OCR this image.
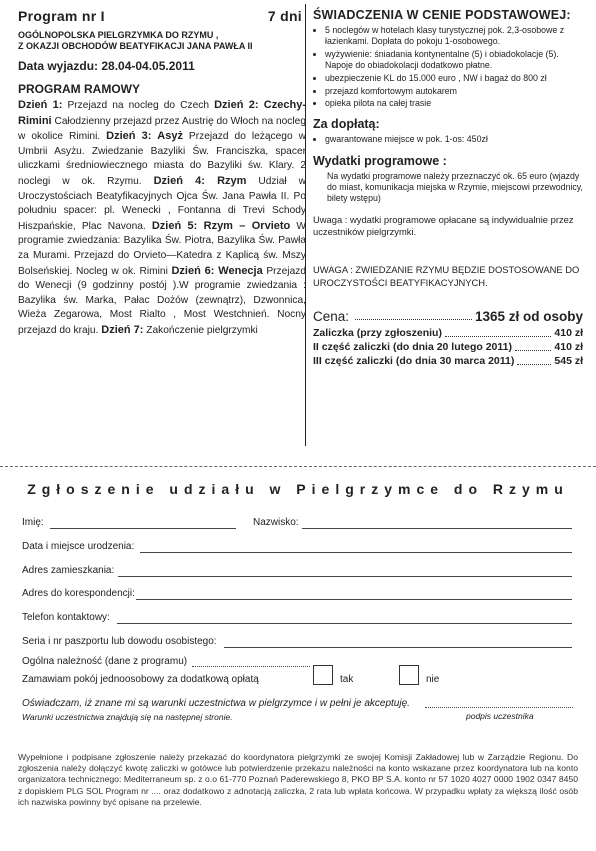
Program nr I	7 dni
OGÓLNOPOLSKA PIELGRZYMKA DO RZYMU ,
Z OKAZJI OBCHODÓW BEATYFIKACJI JANA PAWŁA II
Data wyjazdu: 28.04-04.05.2011
PROGRAM RAMOWY
Dzień 1: Przejazd na nocleg do Czech Dzień 2: Czechy-Rimini Całodzienny przejazd przez Austrię do Włoch na nocleg w okolice Rimini. Dzień 3: Asyż Przejazd do leżącego w Umbrii Asyżu. Zwiedzanie Bazyliki Św. Franciszka, spacer uliczkami średniowiecznego miasta do Bazyliki św. Klary. 2 noclegi w ok. Rzymu. Dzień 4: Rzym Udział w Uroczystościach Beatyfikacyjnych Ojca Św. Jana Pawła II. Po południu spacer: pl. Wenecki , Fontanna di Trevi Schody Hiszpańskie, Plac Navona. Dzień 5: Rzym – Orvieto W programie zwiedzania: Bazylika Św. Piotra, Bazylika Św. Pawła za Murami. Przejazd do Orvieto—Katedra z Kaplicą św. Mszy Bolseńskiej. Nocleg w ok. Rimini Dzień 6: Wenecja Przejazd do Wenecji (9 godzinny postój ).W programie zwiedzania : Bazylika św. Marka, Pałac Dożów (zewnątrz), Dzwonnica, Wieża Zegarowa, Most Rialto , Most Westchnień. Nocny przejazd do kraju. Dzień 7: Zakończenie pielgrzymki
ŚWIADCZENIA W CENIE PODSTAWOWEJ:
• 5 noclegów w hotelach klasy turystycznej pok. 2,3-osobowe z łazienkami. Dopłata do pokoju 1-osobowego.
• wyżywienie: śniadania kontynentalne (5) i obiadokolacje (5). Napoje do obiadokolacji dodatkowo płatne.
• ubezpieczenie KL do 15.000 euro , NW i bagaż do 800 zł
• przejazd komfortowym autokarem
• opieka pilota na całej trasie
Za dopłatą:
• gwarantowane miejsce w pok. 1-os: 450zł
Wydatki programowe :
Na wydatki programowe należy przeznaczyć ok. 65 euro (wjazdy do miast, komunikacja miejska w Rzymie, miejscowi przewodnicy, bilety wstępu)
Uwaga : wydatki programowe opłacane są indywidualnie przez uczestników pielgrzymki.
UWAGA : ZWIEDZANIE RZYMU BĘDZIE DOSTOSOWANE DO UROCZYSTOŚCI BEATYFIKACYJNYCH.
Cena:	1365 zł od osoby
Zaliczka (przy zgłoszeniu)	410 zł
II część zaliczki (do dnia 20 lutego 2011)	410 zł
III część zaliczki (do dnia 30 marca 2011)	545 zł
Zgłoszenie udziału w Pielgrzymce do Rzymu
Imię:	Nazwisko:
Data i miejsce urodzenia:
Adres zamieszkania:
Adres do korespondencji:
Telefon kontaktowy:
Seria i nr paszportu lub dowodu osobistego:
Ogólna należność (dane z programu)
Zamawiam pokój jednoosobowy za dodatkową opłatą	tak	nie
Oświadczam, iż znane mi są warunki uczestnictwa w pielgrzymce i w pełni je akceptuję.
Warunki uczestnictwa znajdują się na następnej stronie.	podpis uczestnika
Wypełnione i podpisane zgłoszenie należy przekazać do koordynatora pielgrzymki ze swojej Komisji Zakładowej lub w Zarządzie Regionu. Do zgłoszenia należy dołączyć kwotę zaliczki w gotówce lub potwierdzenie przekazu należności na konto wskazane przez koordynatora lub na konto organizatora technicznego: Mediterraneum sp. z o.o 61-770 Poznań Paderewskiego 8, PKO BP S.A. konto nr 57 1020 4027 0000 1902 0347 8450 z dopiskiem PLG SOL Program nr .... oraz dodatkowo z adnotacją zaliczka, 2 rata lub wpłata końcowa. W przypadku wpłaty za większą ilość osób ich nazwiska powinny być opisane na przelewie.
